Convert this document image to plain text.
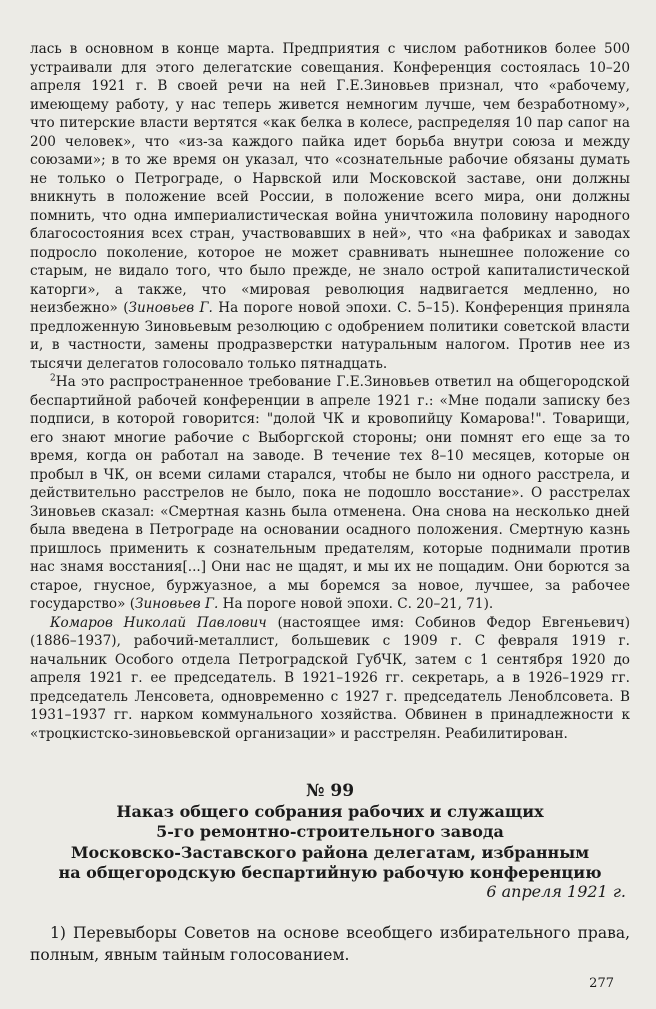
лась в основном в конце марта. Предприятия с числом работников более 500 устраивали для этого делегатские совещания. Конференция состоялась 10–20 апреля 1921 г. В своей речи на ней Г.Е.Зиновьев признал, что «рабочему, имеющему работу, у нас теперь живется немногим лучше, чем безработному», что питерские власти вертятся «как белка в колесе, распределяя 10 пар сапог на 200 человек», что «из-за каждого пайка идет борьба внутри союза и между союзами»; в то же время он указал, что «сознательные рабочие обязаны думать не только о Петрограде, о Нарвской или Московской заставе, они должны вникнуть в положение всей России, в положение всего мира, они должны помнить, что одна империалистическая война уничтожила половину народного благосостояния всех стран, участвовавших в ней», что «на фабриках и заводах подросло поколение, которое не может сравнивать нынешнее положение со старым, не видало того, что было прежде, не знало острой капиталистической каторги», а также, что «мировая революция надвигается медленно, но неизбежно» (Зиновьев Г. На пороге новой эпохи. С. 5–15). Конференция приняла предложенную Зиновьевым резолюцию с одобрением политики советской власти и, в частности, замены продразверстки натуральным налогом. Против нее из тысячи делегатов голосовало только пятнадцать.

$^2$На это распространенное требование Г.Е.Зиновьев ответил на общегородской беспартийной рабочей конференции в апреле 1921 г.: «Мне подали записку без подписи, в которой говорится: "долой ЧК и кровопийцу Комарова!". Товарищи, его знают многие рабочие с Выборгской стороны; они помнят его еще за то время, когда он работал на заводе. В течение тех 8–10 месяцев, которые он пробыл в ЧК, он всеми силами старался, чтобы не было ни одного расстрела, и действительно расстрелов не было, пока не подошло восстание». О расстрелах Зиновьев сказал: «Смертная казнь была отменена. Она снова на несколько дней была введена в Петрограде на основании осадного положения. Смертную казнь пришлось применить к сознательным предателям, которые поднимали против нас знамя восстания[...] Они нас не щадят, и мы их не пощадим. Они борются за старое, гнусное, буржуазное, а мы боремся за новое, лучшее, за рабочее государство» (Зиновьев Г. На пороге новой эпохи. С. 20–21, 71).

Комаров Николай Павлович (настоящее имя: Собинов Федор Евгеньевич) (1886–1937), рабочий-металлист, большевик с 1909 г. С февраля 1919 г. начальник Особого отдела Петроградской ГубЧК, затем с 1 сентября 1920 до апреля 1921 г. ее председатель. В 1921–1926 гг. секретарь, а в 1926–1929 гг. председатель Ленсовета, одновременно с 1927 г. председатель Леноблсовета. В 1931–1937 гг. нарком коммунального хозяйства. Обвинен в принадлежности к «троцкистско-зиновьевской организации» и расстрелян. Реабилитирован.

№ 99
Наказ общего собрания рабочих и служащих
5-го ремонтно-строительного завода
Московско-Заставского района делегатам, избранным
на общегородскую беспартийную рабочую конференцию
6 апреля 1921 г.

1) Перевыборы Советов на основе всеобщего избирательного права, полным, явным тайным голосованием.

277
